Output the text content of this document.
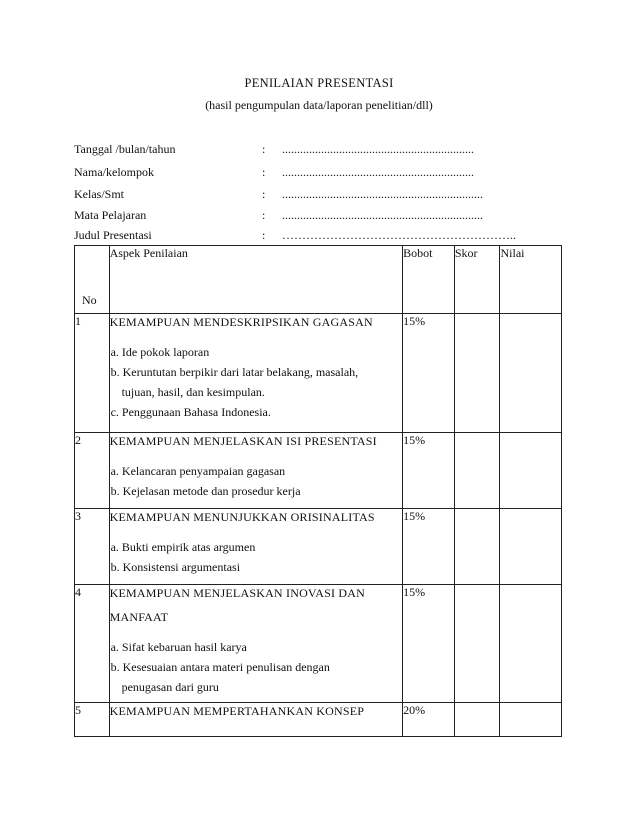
PENILAIAN PRESENTASI
(hasil pengumpulan data/laporan penelitian/dll)
Tanggal /bulan/tahun	: ................................................................
Nama/kelompok	: ................................................................
Kelas/Smt	: ...................................................................
Mata Pelajaran	: ...................................................................
Judul Presentasi	: …………………………………………………..
No	Aspek Penilaian	Bobot	Skor	Nilai
1	KEMAMPUAN MENDESKRIPSIKAN GAGASAN
a. Ide pokok laporan
b. Keruntutan berpikir dari latar belakang, masalah,
tujuan, hasil, dan kesimpulan.
c. Penggunaan Bahasa Indonesia.	15%		
2	KEMAMPUAN MENJELASKAN ISI PRESENTASI
a. Kelancaran penyampaian gagasan
b. Kejelasan metode dan prosedur kerja	15%		
3	KEMAMPUAN MENUNJUKKAN ORISINALITAS
a. Bukti empirik atas argumen
b. Konsistensi argumentasi	15%		
4	KEMAMPUAN MENJELASKAN INOVASI DAN
MANFAAT
a. Sifat kebaruan hasil karya
b. Kesesuaian antara materi penulisan dengan
penugasan dari guru	15%		
5	KEMAMPUAN MEMPERTAHANKAN KONSEP	20%		
